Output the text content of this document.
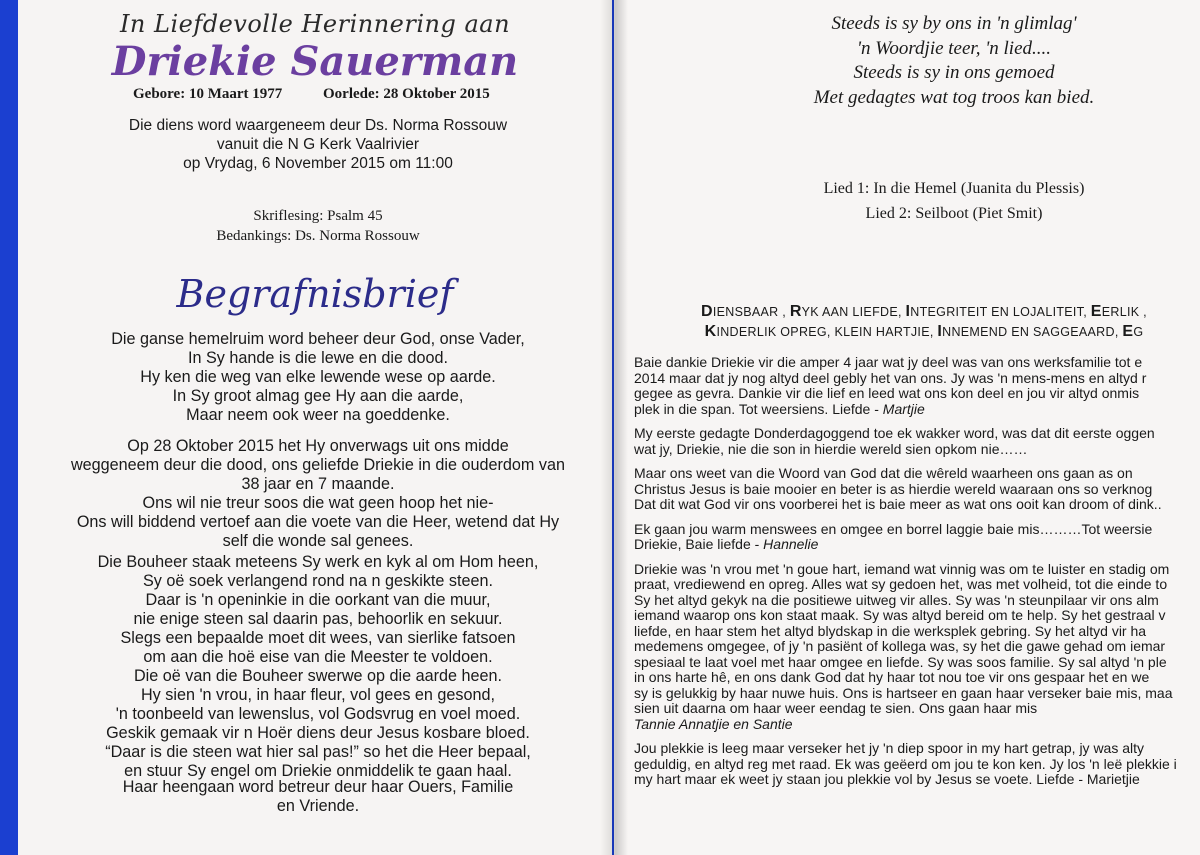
In Liefdevolle Herinnering aan
Driekie Sauerman
Gebore: 10 Maart 1977	Oorlede: 28 Oktober 2015
Die diens word waargeneem deur Ds. Norma Rossouw
vanuit die N G Kerk Vaalrivier
op Vrydag, 6 November 2015 om 11:00
Skriflesing: Psalm 45
Bedankings: Ds. Norma Rossouw
Begrafnisbrief
Die ganse hemelruim word beheer deur God, onse Vader,
In Sy hande is die lewe en die dood.
Hy ken die weg van elke lewende wese op aarde.
In Sy groot almag gee Hy aan die aarde,
Maar neem ook weer na goeddenke.
Op 28 Oktober 2015 het Hy onverwags uit ons midde
weggeneem deur die dood, ons geliefde Driekie in die ouderdom van
38 jaar en 7 maande.
Ons wil nie treur soos die wat geen hoop het nie-
Ons will biddend vertoef aan die voete van die Heer, wetend dat Hy
self die wonde sal genees.
Die Bouheer staak meteens Sy werk en kyk al om Hom heen,
Sy oë soek verlangend rond na n geskikte steen.
Daar is 'n openinkie in die oorkant van die muur,
nie enige steen sal daarin pas, behoorlik en sekuur.
Slegs een bepaalde moet dit wees, van sierlike fatsoen
om aan die hoë eise van die Meester te voldoen.
Die oë van die Bouheer swerwe op die aarde heen.
Hy sien 'n vrou, in haar fleur, vol gees en gesond,
'n toonbeeld van lewenslus, vol Godsvrug en voel moed.
Geskik gemaak vir n Hoër diens deur Jesus kosbare bloed.
“Daar is die steen wat hier sal pas!” so het die Heer bepaal,
en stuur Sy engel om Driekie onmiddelik te gaan haal.
Haar heengaan word betreur deur haar Ouers, Familie
en Vriende.
Steeds is sy by ons in 'n glimlag'
'n Woordjie teer, 'n lied....
Steeds is sy in ons gemoed
Met gedagtes wat tog troos kan bied.
Lied 1: In die Hemel (Juanita du Plessis)
Lied 2: Seilboot (Piet Smit)
DIENSBAAR , RYK AAN LIEFDE, INTEGRITEIT EN LOJALITEIT, EERLIK ,
KINDERLIK OPREG, KLEIN HARTJIE, INNEMEND EN SAGGEAARD, EG
Baie dankie Driekie vir die amper 4 jaar wat jy deel was van ons werksfamilie tot e
2014 maar dat jy nog altyd deel gebly het van ons. Jy was 'n mens-mens en altyd r
gegee as gevra. Dankie vir die lief en leed wat ons kon deel en jou vir altyd onmis
plek in die span. Tot weersiens. Liefde - Martjie
My eerste gedagte Donderdagoggend toe ek wakker word, was dat dit eerste oggen
wat jy, Driekie, nie die son in hierdie wereld sien opkom nie……
Maar ons weet van die Woord van God dat die wêreld waarheen ons gaan as on
Christus Jesus is baie mooier en beter is as hierdie wereld waaraan ons so verknog
Dat dit wat God vir ons voorberei het is baie meer as wat ons ooit kan droom of dink..
Ek gaan jou warm menswees en omgee en borrel laggie baie mis………Tot weersie
Driekie, Baie liefde - Hannelie
Driekie was 'n vrou met 'n goue hart, iemand wat vinnig was om te luister en stadig om
praat, vrediewend en opreg. Alles wat sy gedoen het, was met volheid, tot die einde to
Sy het altyd gekyk na die positiewe uitweg vir alles. Sy was 'n steunpilaar vir ons alm
iemand waarop ons kon staat maak. Sy was altyd bereid om te help. Sy het gestraal v
liefde, en haar stem het altyd blydskap in die werksplek gebring. Sy het altyd vir ha
medemens omgegee, of jy 'n pasiënt of kollega was, sy het die gawe gehad om iemar
spesiaal te laat voel met haar omgee en liefde. Sy was soos familie. Sy sal altyd 'n ple
in ons harte hê, en ons dank God dat hy haar tot nou toe vir ons gespaar het en we
sy is gelukkig by haar nuwe huis. Ons is hartseer en gaan haar verseker baie mis, maa
sien uit daarna om haar weer eendag te sien. Ons gaan haar mis
Tannie Annatjie en Santie
Jou plekkie is leeg maar verseker het jy 'n diep spoor in my hart getrap, jy was alty
geduldig, en altyd reg met raad. Ek was geëerd om jou te kon ken. Jy los 'n leë plekkie i
my hart maar ek weet jy staan jou plekkie vol by Jesus se voete. Liefde - Marietjie
